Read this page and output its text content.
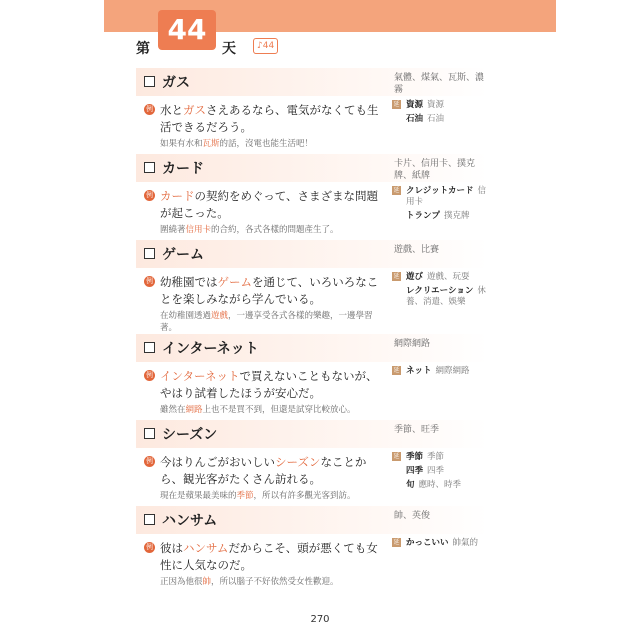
第
44
天	♪44
ガス	氣體、煤氣、瓦斯、濃霧
例 水とガスさえあるなら、電気がなくても生活できるだろう。
如果有水和瓦斯的話，沒電也能生活吧！
カード	卡片、信用卡、撲克牌、紙牌
例 カードの契約をめぐって、さまざまな問題が起こった。
圍繞著信用卡的合約，各式各樣的問題產生了。
ゲーム	遊戲、比賽
例 幼稚園ではゲームを通じて、いろいろなことを楽しみながら学んでいる。
在幼稚園透過遊戲，一邊享受各式各樣的樂趣，一邊學習著。
インターネット	網際網路
例 インターネットで買えないこともないが、やはり試着したほうが安心だ。
雖然在網路上也不是買不到，但還是試穿比較放心。
シーズン	季節、旺季
例 今はりんごがおいしいシーズンなことから、観光客がたくさん訪れる。
現在是蘋果最美味的季節，所以有許多觀光客到訪。
ハンサム	帥、英俊
例 彼はハンサムだからこそ、頭が悪くても女性に人気なのだ。
正因為他很帥，所以腦子不好依然受女性歡迎。
270
延 資源 資源
石油 石油
延 クレジットカード 信用卡
トランプ 撲克牌
延 遊び 遊戲、玩耍
レクリエーション 休養、消遣、娛樂
延 ネット 網際網路
延 季節 季節
四季 四季
旬 應時、時季
延 かっこいい 帥氣的
